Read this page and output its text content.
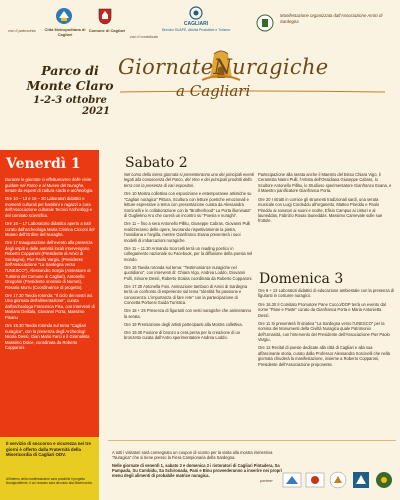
con il patrocinio Città Metropolitana di Cagliari
Comune di Cagliari
con il contributo
CAGLIARI
Servizio SUAPE, Attività Produttive e Turismo
Manifestazione organizzata dall'Associazione Amici di Sardegna
Parco di
Monte Claro
1-2-3 ottobre
2021
GiornateNuragiche
a Cagliari
Venerdì 1

Durante le giornate si effettueranno delle visite guidate nel Parco e al Museo del Nuraghe, tenute da esperti di cultura sarda e archeologia.

Ore 10 – 13 e 16 – 20 Laboratori didattici e momenti culturali per bambini e ragazzi a cura dell'Associazione culturale Tecnici Archeologi e del comitato scientifico.

Ore 16 – 17 Laboratorio didattico aperto a tutti curato dall'archeologa Maria Cristina Cicconi del Museo dell'Ordine del Nuraghe.

Ore 17 Inaugurazione dell'evento alla presenza degli ospiti e delle autorità locali intervengono Roberto Copparoni (Presidente di Amici di Sardegna), Pier Paolo Vargiu, (Presidente dell'Associazione "La Sardegna verso l'UNESCO"), Alessandro Sorgia (Assessore al Turismo del Comune di Cagliari), Antonello Gregorini (Presidente onorario di Nurnet), Rosaria Murru (Coordinatrice di progetto).

Ore 17.30 Tavola rotonda: "Il ciclo dei nostri avi. Una giornata dell'alimentazione", curata dall'archeologa Francesca Pisu, con interventi di Mariano Delitala, Giovanni Porta, Massimo Pisanu

Ore 18.30 Tavola rotonda sul tema "Cagliari nuragica", con la presenza degli Archeologi: Nicola Dessì, Gian Mario Farci e il Giornalista Massimo Dolce, coordinata da Roberto Copparoni.

Il servizio di soccorso e sicurezza nei tre giorni è offerto dalla Fraternità della Misericordia di Cagliari ODV.
All'interno della manifestazione sarà possibile il progetto NuragicaMente, il cui ricavato sarà devoluto alla Misericordia.
Sabato 2

Nel corso della intera giornata si presenteranno uno dei principali eventi legati alla conoscenza del Parco, del Vino e dei principali prodotti della terra con la presenza di vari espositori.

Ore 10 Mostra collettiva con esposizione e estemporanee artistiche su "Cagliari nuragica" Pittura, Scultura con letture poetiche emozionali e letture espressive a tema con presentazione curata da Alessandra Sorcinelli e in collaborazione con la "Brotherhood" La Porta illuminata" di Guglielmo Aru che curerà un incontro su "Poesia e nuraghi".

Ore 11 – fino a sera Antonello Pillitu, Giuseppe Cabras, Giovanni Pulli realizzeranno delle opere, lavorando rispettivamente la pietra, l'ossidiana e l'argilla, mentre Gianfranco Exana presenterà i suoi modelli di imbarcazioni nuragiche.

Ore 11 – 11.30 Armando Scorcelli terrà un reading poetico in collegamento nazionale su Facebook, per la diffusione della poesia nel mondo.

Ore 16 Tavola rotonda sul tema: "Testimonianze nuragiche nel quotidiano", con interventi di: Chiara Vigo, Andrea Loddo, Giovanni Pulli, Simone Dessì, Roberto Scalas coordinata da Roberto Copparoni.

Ore 17.30 Antonella Fois. Animazione tamburo di Amici di Sardegna terrà un confronto di esperienze sul tema "Identità fra passione e conoscenza. L'importanza di fare rete" con la partecipazione di Concetta Portoesi Guida Turistica.

Ore 18 + 25 Presenza di figuranti con vesti nuragiche che animeranno la serata.

Ore 19 Premiazione degli artisti partecipanti alla Mostra collettiva.

Ore 19.30 Fusione di bronzo a cera persa per la creazione di un bronzetto curata dall'Antro sperimentatore Andrea Loddo.

Partecipazione alla serata anche il Maestro del Bisso Chiara Vigo, il Ceramista Nanni Pulli, l'Artista dell'Ossidiana Giuseppe Cabras, lo Scultore Antonello Pillitu, lo Studioso sperimentatore Gianfranco Exana, e il Maestro panificatore Gianfranca Porta.

Ore 20 I ritratti in cornice gli strumenti tradizionali sardi, una serata musicale con Luigi Cordeddu all'organetto, Matteo Pireddu e Paolo Pireddu ai sonatori ai suoni e scolte, Efisio Campus ai cinturi e al launeddas, Fabrizio Rosas launeddas. Massimo Carnevale sulle sue frottole.

Domenica 3

Ore 9 + 13 Laboratori didattici di educazione ambientale con la presenza di figuranti in costume nuragico.

Ore 16.30 Il Comitato Promotore Pane Cocco/DOP terrà un evento dal nome "Pane e Paste" curato da Gianfranca Porta e Maria Antonietta Dessì.

Ore 11 Si presenterà l'iniziativa "La Sardegna verso l'UNESCO" per la nomina dei Monumenti della Civiltà Nuragica quale Patrimonio dell'Umanità, con l'intervento del Presidente dell'Associazione Pier Paolo Vargiu.

Ore 12 Recital di poesie dedicate alla città di Cagliari e alla sua affascinante storia, curato dalla Professor Alessandra Sorcinelli che nella giornata chiuderà la manifestazione, insieme a Roberto Copparoni, Presidente dell'Associazione proponente.

A tutti i visitatori sarà consegnato un coupon di sconto per la visita alla mostra immersiva "Nuragica" che si tiene presso la Fiera Campionaria della Sardegna.

Nelle giornate di venerdì 1, sabato 2 e domenica 3 i ristoratori di Cagliari Pintadera, Sa Pampada, Su Cumbidu, Sa Schironada, Pani e Binu provvederanno a inserire nei propri menu degli alimenti di probabile matrice nuragica.

partner
